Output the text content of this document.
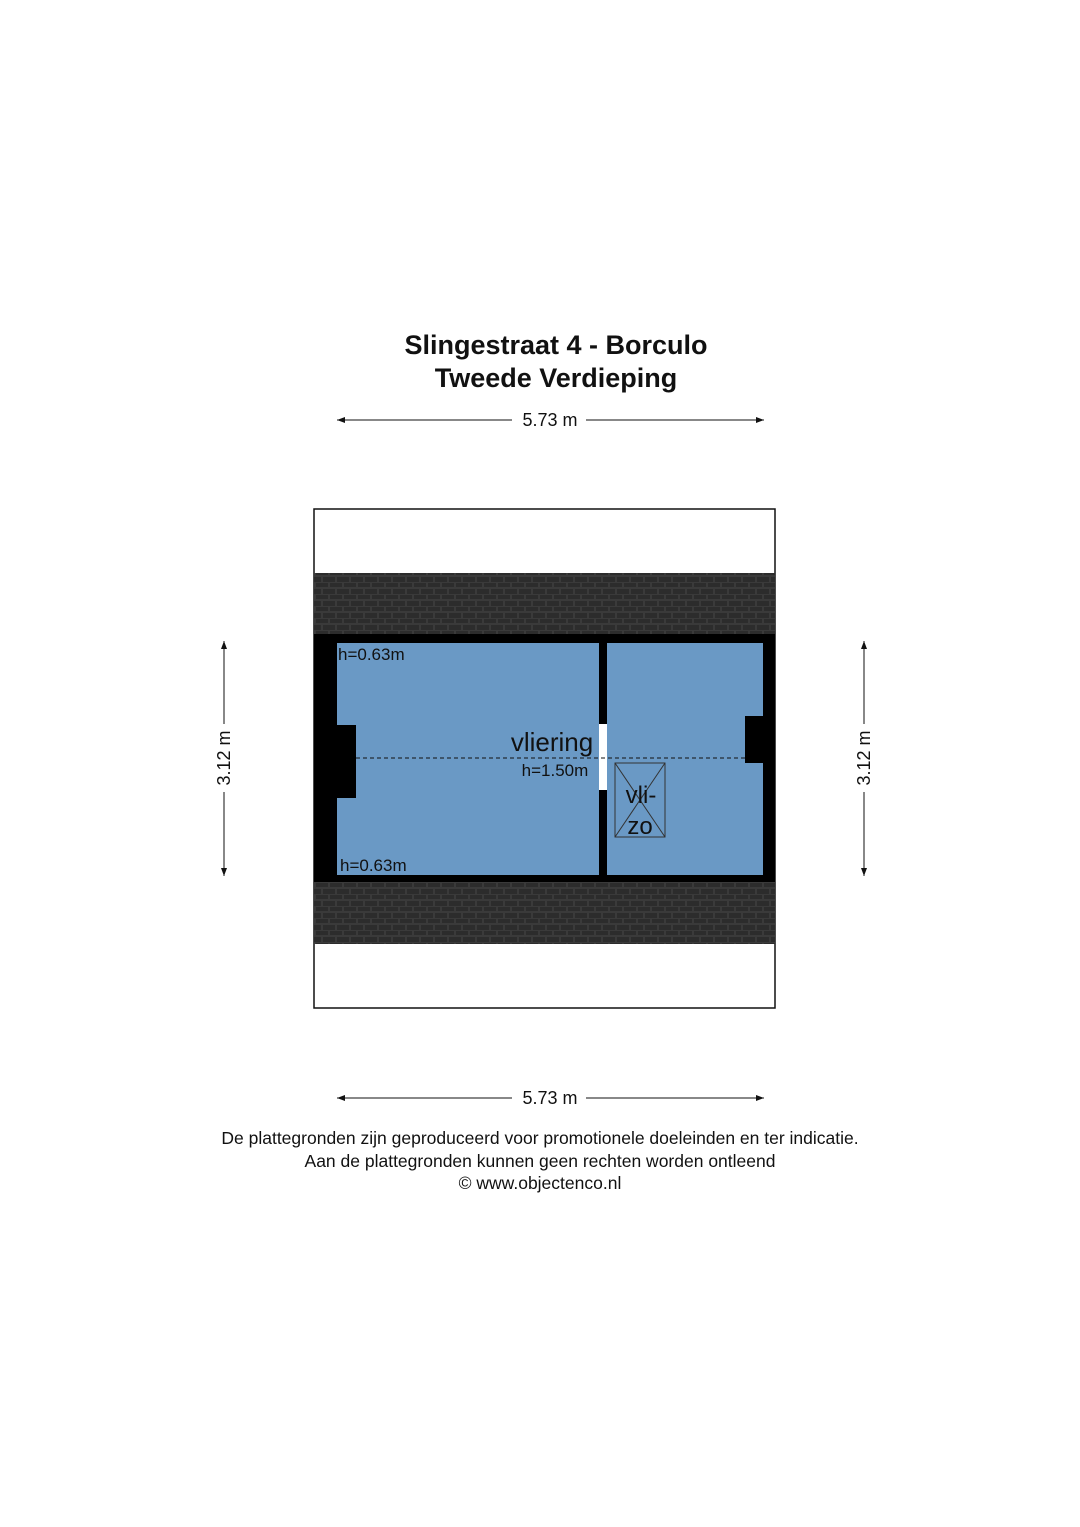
Slingestraat 4 - Borculo
Tweede Verdieping
5.73 m
3.12 m	3.12 m
h=0.63m
h=0.63m
vliering
h=1.50m
vli-
zo
5.73 m
De plattegronden zijn geproduceerd voor promotionele doeleinden en ter indicatie.
Aan de plattegronden kunnen geen rechten worden ontleend
© www.objectenco.nl
